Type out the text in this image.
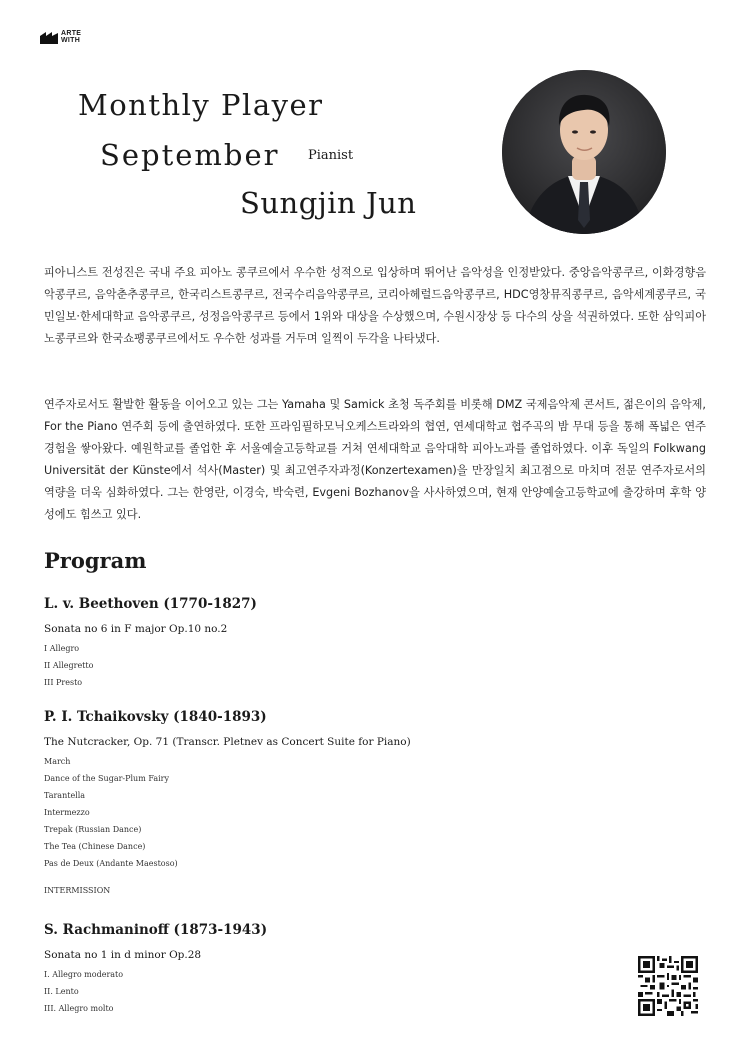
ARTE
WITH
Monthly Player
September Pianist
Sungjin Jun
피아니스트 전성진은 국내 주요 피아노 콩쿠르에서 우수한 성적으로 입상하며 뛰어난 음악성을 인정받았다. 중앙음악콩쿠르, 이화경향음악콩쿠르, 음악춘추콩쿠르, 한국리스트콩쿠르, 전국수리음악콩쿠르, 코리아헤럴드음악콩쿠르, HDC영창뮤직콩쿠르, 음악세계콩쿠르, 국민일보·한세대학교 음악콩쿠르, 성정음악콩쿠르 등에서 1위와 대상을 수상했으며, 수원시장상 등 다수의 상을 석권하였다. 또한 삼익피아노콩쿠르와 한국쇼팽콩쿠르에서도 우수한 성과를 거두며 일찍이 두각을 나타냈다.
연주자로서도 활발한 활동을 이어오고 있는 그는 Yamaha 및 Samick 초청 독주회를 비롯해 DMZ 국제음악제 콘서트, 젊은이의 음악제, For the Piano 연주회 등에 출연하였다. 또한 프라임필하모닉오케스트라와의 협연, 연세대학교 협주곡의 밤 무대 등을 통해 폭넓은 연주 경험을 쌓아왔다. 예원학교를 졸업한 후 서울예술고등학교를 거쳐 연세대학교 음악대학 피아노과를 졸업하였다. 이후 독일의 Folkwang Universität der Künste에서 석사(Master) 및 최고연주자과정(Konzertexamen)을 만장일치 최고점으로 마치며 전문 연주자로서의 역량을 더욱 심화하였다. 그는 한영란, 이경숙, 박숙련, Evgeni Bozhanov을 사사하였으며, 현재 안양예술고등학교에 출강하며 후학 양성에도 힘쓰고 있다.
Program
L. v. Beethoven (1770-1827)
Sonata no 6 in F major Op.10 no.2
I Allegro
II Allegretto
III Presto
P. I. Tchaikovsky (1840-1893)
The Nutcracker, Op. 71 (Transcr. Pletnev as Concert Suite for Piano)
March
Dance of the Sugar-Plum Fairy
Tarantella
Intermezzo
Trepak (Russian Dance)
The Tea (Chinese Dance)
Pas de Deux (Andante Maestoso)
INTERMISSION
S. Rachmaninoff (1873-1943)
Sonata no 1 in d minor Op.28
I. Allegro moderato
II. Lento
III. Allegro molto
